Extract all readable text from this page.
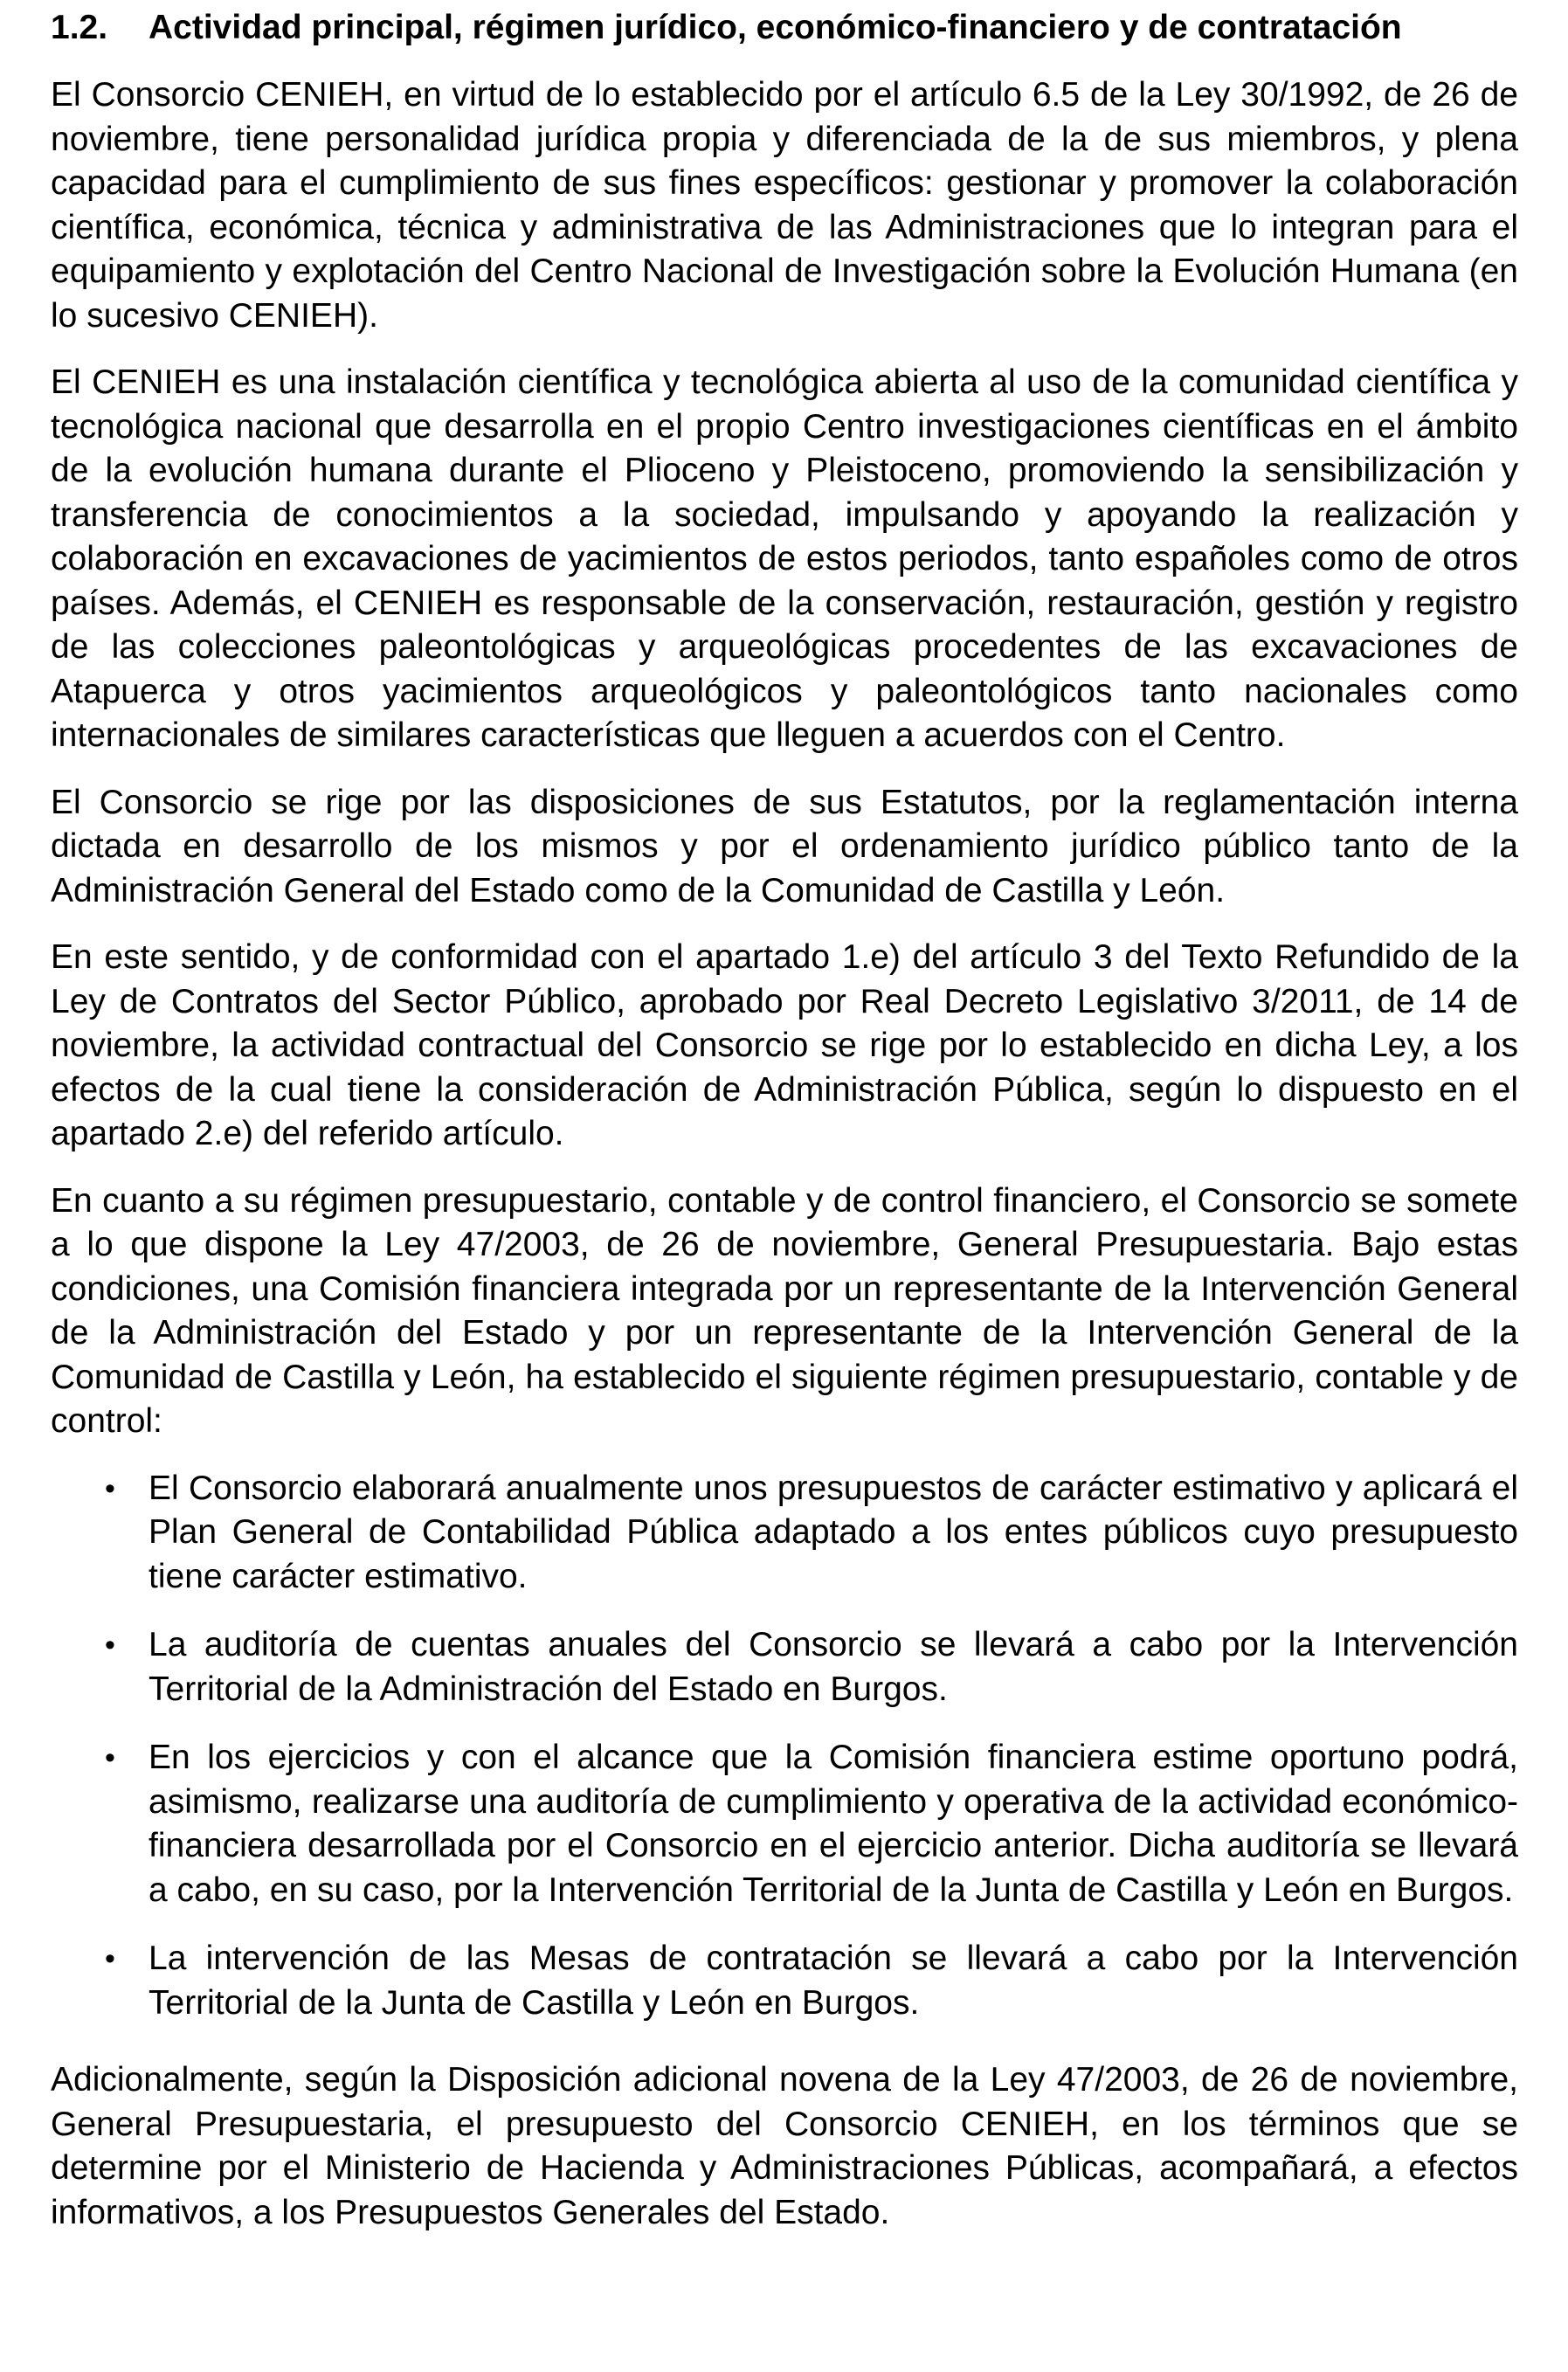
1.2.	Actividad principal, régimen jurídico, económico-financiero y de contratación

El Consorcio CENIEH, en virtud de lo establecido por el artículo 6.5 de la Ley 30/1992, de 26 de noviembre, tiene personalidad jurídica propia y diferenciada de la de sus miembros, y plena capacidad para el cumplimiento de sus fines específicos: gestionar y promover la colaboración científica, económica, técnica y administrativa de las Administraciones que lo integran para el equipamiento y explotación del Centro Nacional de Investigación sobre la Evolución Humana (en lo sucesivo CENIEH).

El CENIEH es una instalación científica y tecnológica abierta al uso de la comunidad científica y tecnológica nacional que desarrolla en el propio Centro investigaciones científicas en el ámbito de la evolución humana durante el Plioceno y Pleistoceno, promoviendo la sensibilización y transferencia de conocimientos a la sociedad, impulsando y apoyando la realización y colaboración en excavaciones de yacimientos de estos periodos, tanto españoles como de otros países. Además, el CENIEH es responsable de la conservación, restauración, gestión y registro de las colecciones paleontológicas y arqueológicas procedentes de las excavaciones de Atapuerca y otros yacimientos arqueológicos y paleontológicos tanto nacionales como internacionales de similares características que lleguen a acuerdos con el Centro.

El Consorcio se rige por las disposiciones de sus Estatutos, por la reglamentación interna dictada en desarrollo de los mismos y por el ordenamiento jurídico público tanto de la Administración General del Estado como de la Comunidad de Castilla y León.

En este sentido, y de conformidad con el apartado 1.e) del artículo 3 del Texto Refundido de la Ley de Contratos del Sector Público, aprobado por Real Decreto Legislativo 3/2011, de 14 de noviembre, la actividad contractual del Consorcio se rige por lo establecido en dicha Ley, a los efectos de la cual tiene la consideración de Administración Pública, según lo dispuesto en el apartado 2.e) del referido artículo.

En cuanto a su régimen presupuestario, contable y de control financiero, el Consorcio se somete a lo que dispone la Ley 47/2003, de 26 de noviembre, General Presupuestaria. Bajo estas condiciones, una Comisión financiera integrada por un representante de la Intervención General de la Administración del Estado y por un representante de la Intervención General de la Comunidad de Castilla y León, ha establecido el siguiente régimen presupuestario, contable y de control:

• El Consorcio elaborará anualmente unos presupuestos de carácter estimativo y aplicará el Plan General de Contabilidad Pública adaptado a los entes públicos cuyo presupuesto tiene carácter estimativo.
• La auditoría de cuentas anuales del Consorcio se llevará a cabo por la Intervención Territorial de la Administración del Estado en Burgos.
• En los ejercicios y con el alcance que la Comisión financiera estime oportuno podrá, asimismo, realizarse una auditoría de cumplimiento y operativa de la actividad económico-financiera desarrollada por el Consorcio en el ejercicio anterior. Dicha auditoría se llevará a cabo, en su caso, por la Intervención Territorial de la Junta de Castilla y León en Burgos.
• La intervención de las Mesas de contratación se llevará a cabo por la Intervención Territorial de la Junta de Castilla y León en Burgos.

Adicionalmente, según la Disposición adicional novena de la Ley 47/2003, de 26 de noviembre, General Presupuestaria, el presupuesto del Consorcio CENIEH, en los términos que se determine por el Ministerio de Hacienda y Administraciones Públicas, acompañará, a efectos informativos, a los Presupuestos Generales del Estado.
